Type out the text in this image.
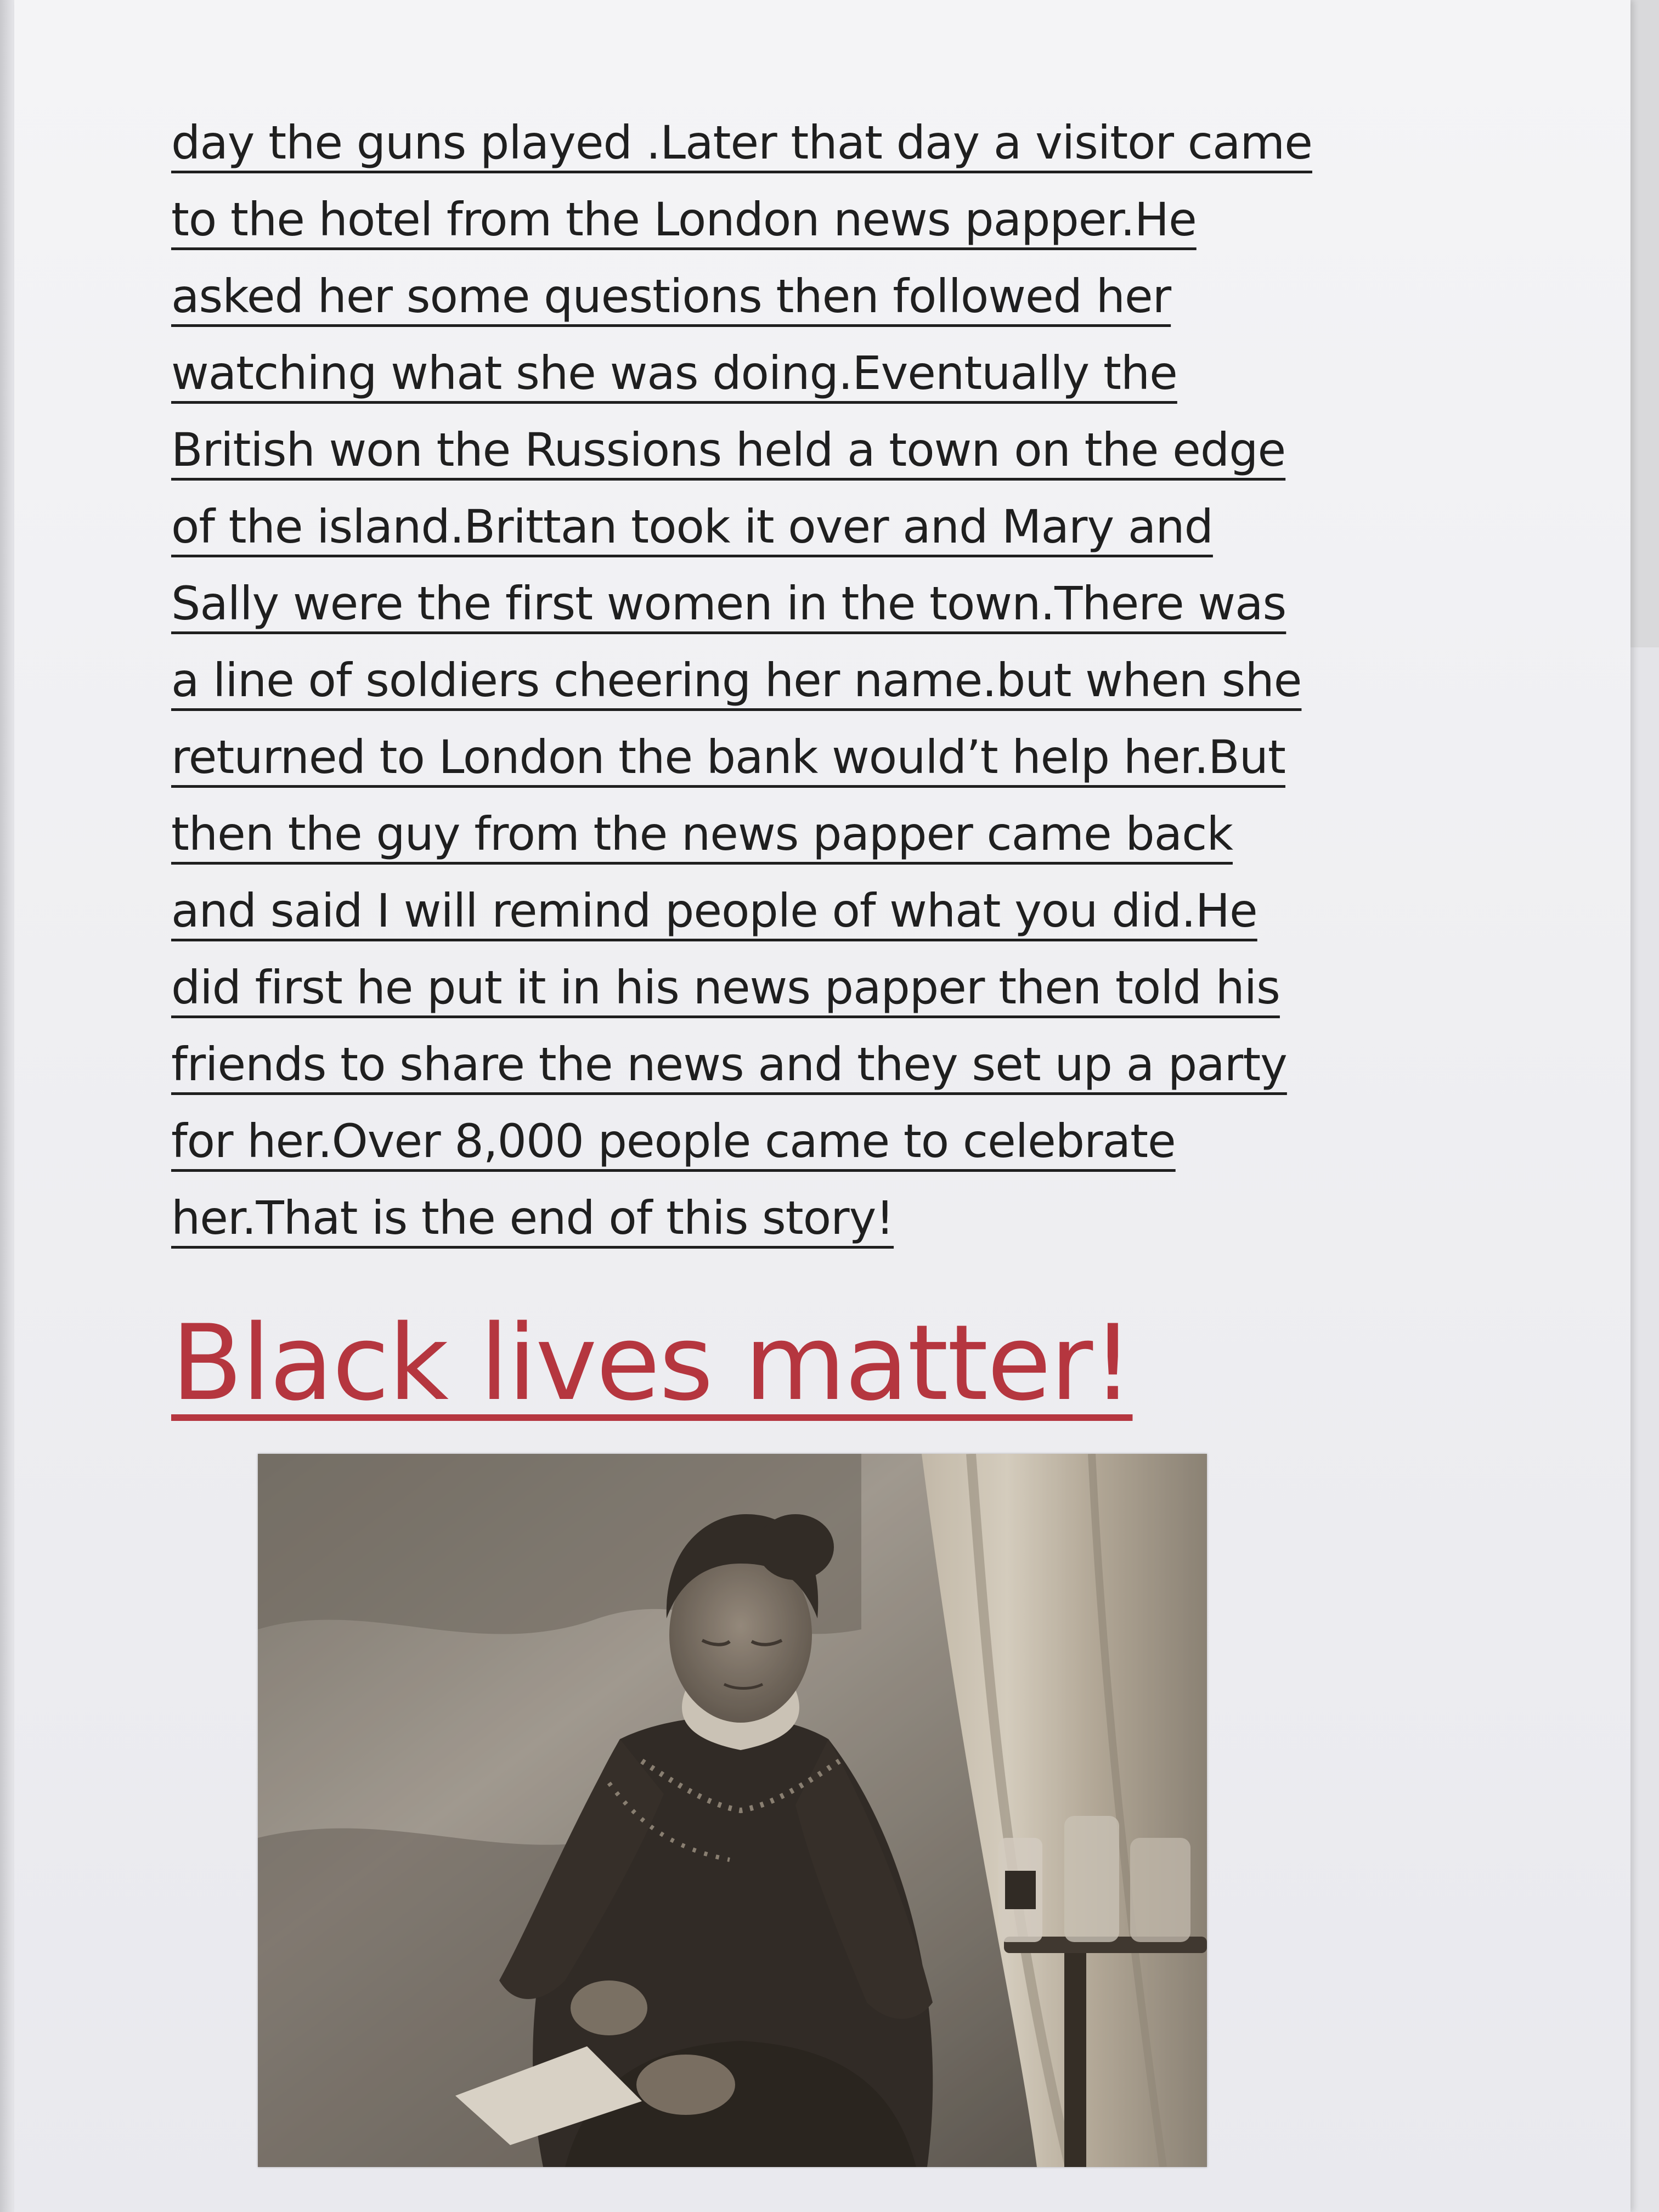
day the guns played .Later that day a visitor came
to the hotel from the London news papper.He
asked her some questions then followed her
watching what she was doing.Eventually the
British won the Russions held a town on the edge
of the island.Brittan took it over and Mary and
Sally were the first women in the town.There was
a line of soldiers cheering her name.but when she
returned to London the bank would’t help her.But
then the guy from the news papper came back
and said I will remind people of what you did.He
did first he put it in his news papper then told his
friends to share the news and they set up a party
for her.Over 8,000 people came to celebrate
her.That is the end of this story!
Black lives matter!
